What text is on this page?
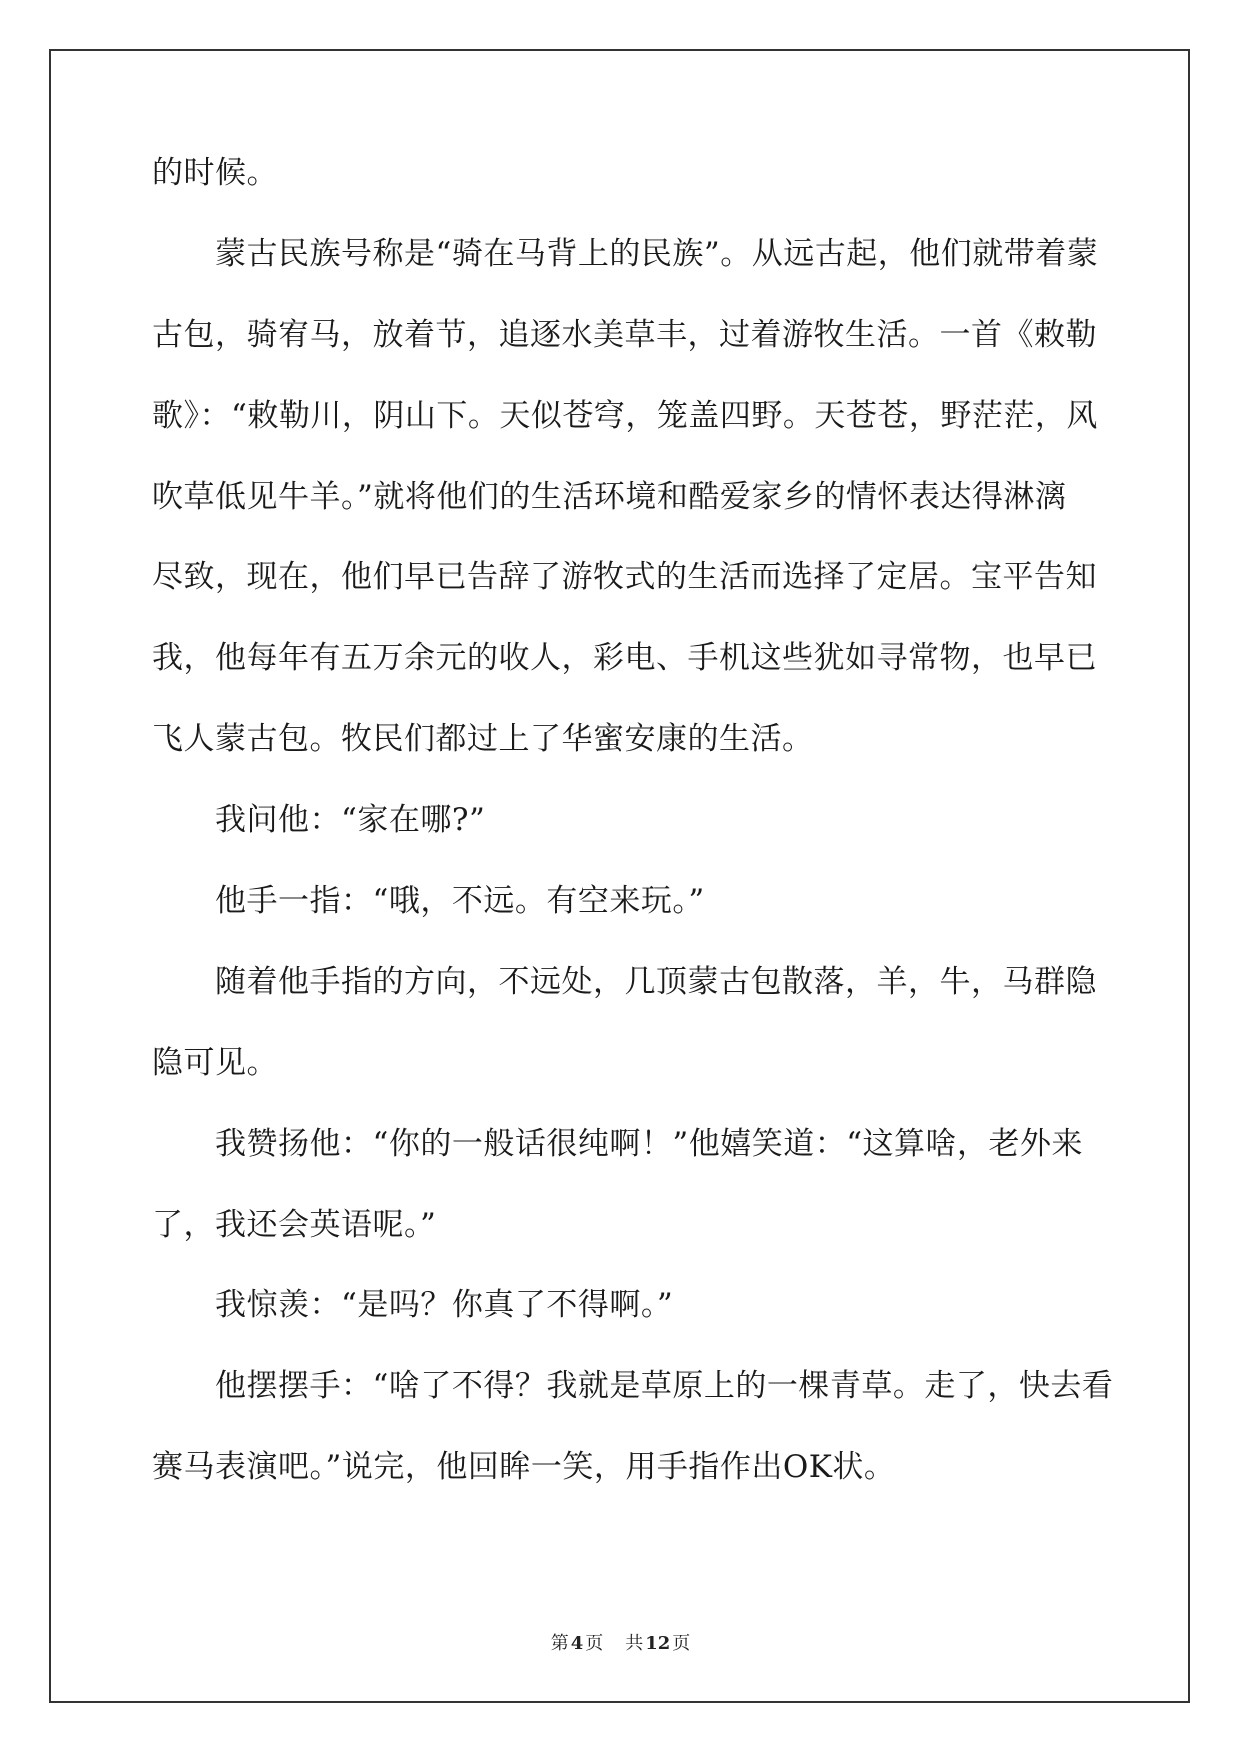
的时候。
蒙古民族号称是“骑在马背上的民族”。从远古起，他们就带着蒙
古包，骑宥马，放着节，追逐水美草丰，过着游牧生活。一首《敕勒
歌》：“敕勒川，阴山下。天似苍穹，笼盖四野。天苍苍，野茫茫，风
吹草低见牛羊。”就将他们的生活环境和酷爱家乡的情怀表达得淋漓
尽致，现在，他们早已告辞了游牧式的生活而选择了定居。宝平告知
我，他每年有五万余元的收人，彩电、手机这些犹如寻常物，也早已
飞人蒙古包。牧民们都过上了华蜜安康的生活。
我问他：“家在哪?”
他手一指：“哦，不远。有空来玩。”
随着他手指的方向，不远处，几顶蒙古包散落，羊，牛，马群隐
隐可见。
我赞扬他：“你的一般话很纯啊！”他嬉笑道：“这算啥，老外来
了，我还会英语呢。”
我惊羡：“是吗？你真了不得啊。”
他摆摆手：“啥了不得？我就是草原上的一棵青草。走了，快去看
赛马表演吧。”说完，他回眸一笑，用手指作出OK状。
第 4 页 共 12 页
